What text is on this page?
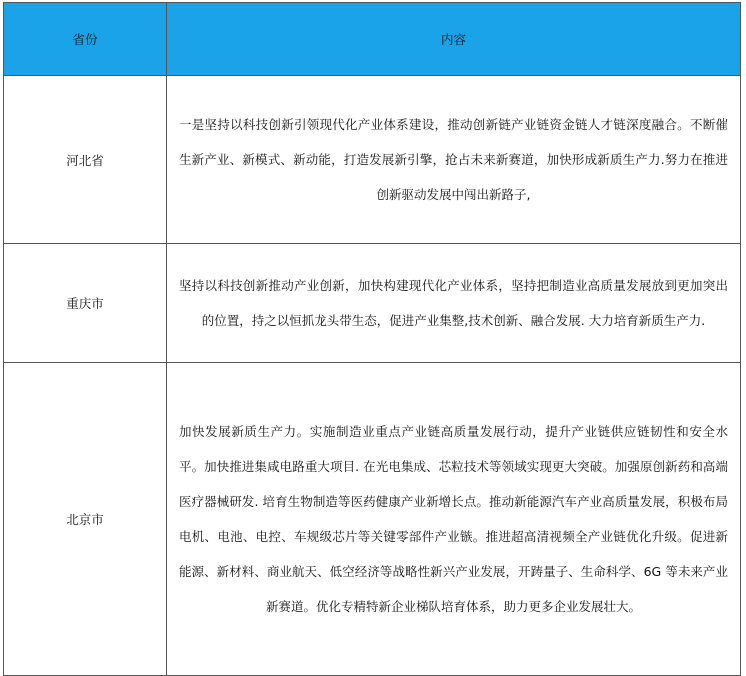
省份	内容
河北省	一是坚持以科技创新引领现代化产业体系建设，推动创新链产业链资金链人才链深度融合。不断催生新产业、新模式、新动能，打造发展新引擎，抢占未来新赛道，加快形成新质生产力.努力在推进创新驱动发展中闯出新路子,
重庆市	坚持以科技创新推动产业创新，加快构建现代化产业体系，坚持把制造业高质量发展放到更加突出的位置，持之以恒抓龙头带生态，促进产业集整,技术创新、融合发展. 大力培育新质生产力.
北京市	加快发展新质生产力。实施制造业重点产业链高质量发展行动，提升产业链供应链韧性和安全水平。加快推进集咸电路重大项目. 在光电集成、芯粒技术等领域实现更大突破。加强原创新药和高端医疗器械研发. 培育生物制造等医药健康产业新增长点。推动新能源汽车产业高质量发展，积极布局电机、电池、电控、车规级芯片等关键零部件产业镞。推进超高清视频全产业链优化升级。促进新能源、新材料、商业航天、低空经济等战略性新兴产业发展，开踌量子、生命科学、6G 等未来产业新赛道。优化专精特新企业梯队培育体系，助力更多企业发展壮大。
